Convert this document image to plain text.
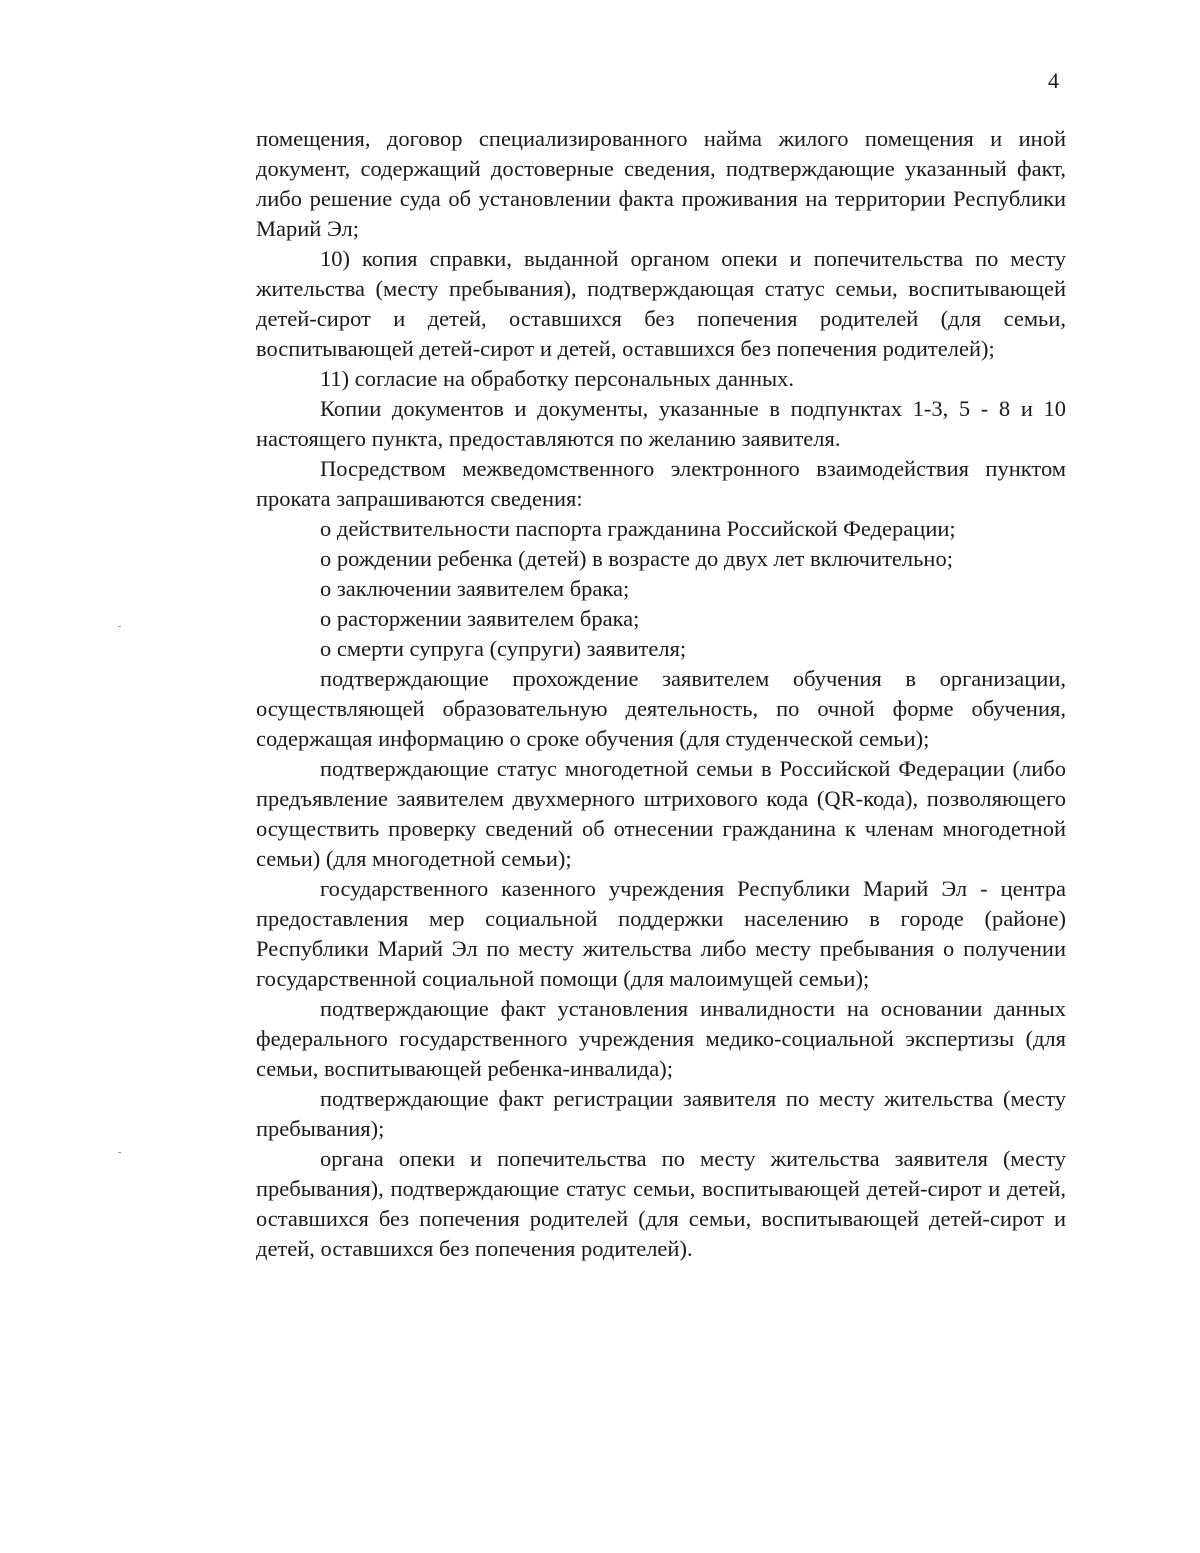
4

помещения, договор специализированного найма жилого помещения и иной документ, содержащий достоверные сведения, подтверждающие указанный факт, либо решение суда об установлении факта проживания на территории Республики Марий Эл;

10) копия справки, выданной органом опеки и попечительства по месту жительства (месту пребывания), подтверждающая статус семьи, воспитывающей детей-сирот и детей, оставшихся без попечения родителей (для семьи, воспитывающей детей-сирот и детей, оставшихся без попечения родителей);

11) согласие на обработку персональных данных.

Копии документов и документы, указанные в подпунктах 1-3, 5 - 8 и 10 настоящего пункта, предоставляются по желанию заявителя.

Посредством межведомственного электронного взаимодействия пунктом проката запрашиваются сведения:

о действительности паспорта гражданина Российской Федерации;

о рождении ребенка (детей) в возрасте до двух лет включительно;

о заключении заявителем брака;

о расторжении заявителем брака;

о смерти супруга (супруги) заявителя;

подтверждающие прохождение заявителем обучения в организации, осуществляющей образовательную деятельность, по очной форме обучения, содержащая информацию о сроке обучения (для студенческой семьи);

подтверждающие статус многодетной семьи в Российской Федерации (либо предъявление заявителем двухмерного штрихового кода (QR-кода), позволяющего осуществить проверку сведений об отнесении гражданина к членам многодетной семьи) (для многодетной семьи);

государственного казенного учреждения Республики Марий Эл - центра предоставления мер социальной поддержки населению в городе (районе) Республики Марий Эл по месту жительства либо месту пребывания о получении государственной социальной помощи (для малоимущей семьи);

подтверждающие факт установления инвалидности на основании данных федерального государственного учреждения медико-социальной экспертизы (для семьи, воспитывающей ребенка-инвалида);

подтверждающие факт регистрации заявителя по месту жительства (месту пребывания);

органа опеки и попечительства по месту жительства заявителя (месту пребывания), подтверждающие статус семьи, воспитывающей детей-сирот и детей, оставшихся без попечения родителей (для семьи, воспитывающей детей-сирот и детей, оставшихся без попечения родителей).
